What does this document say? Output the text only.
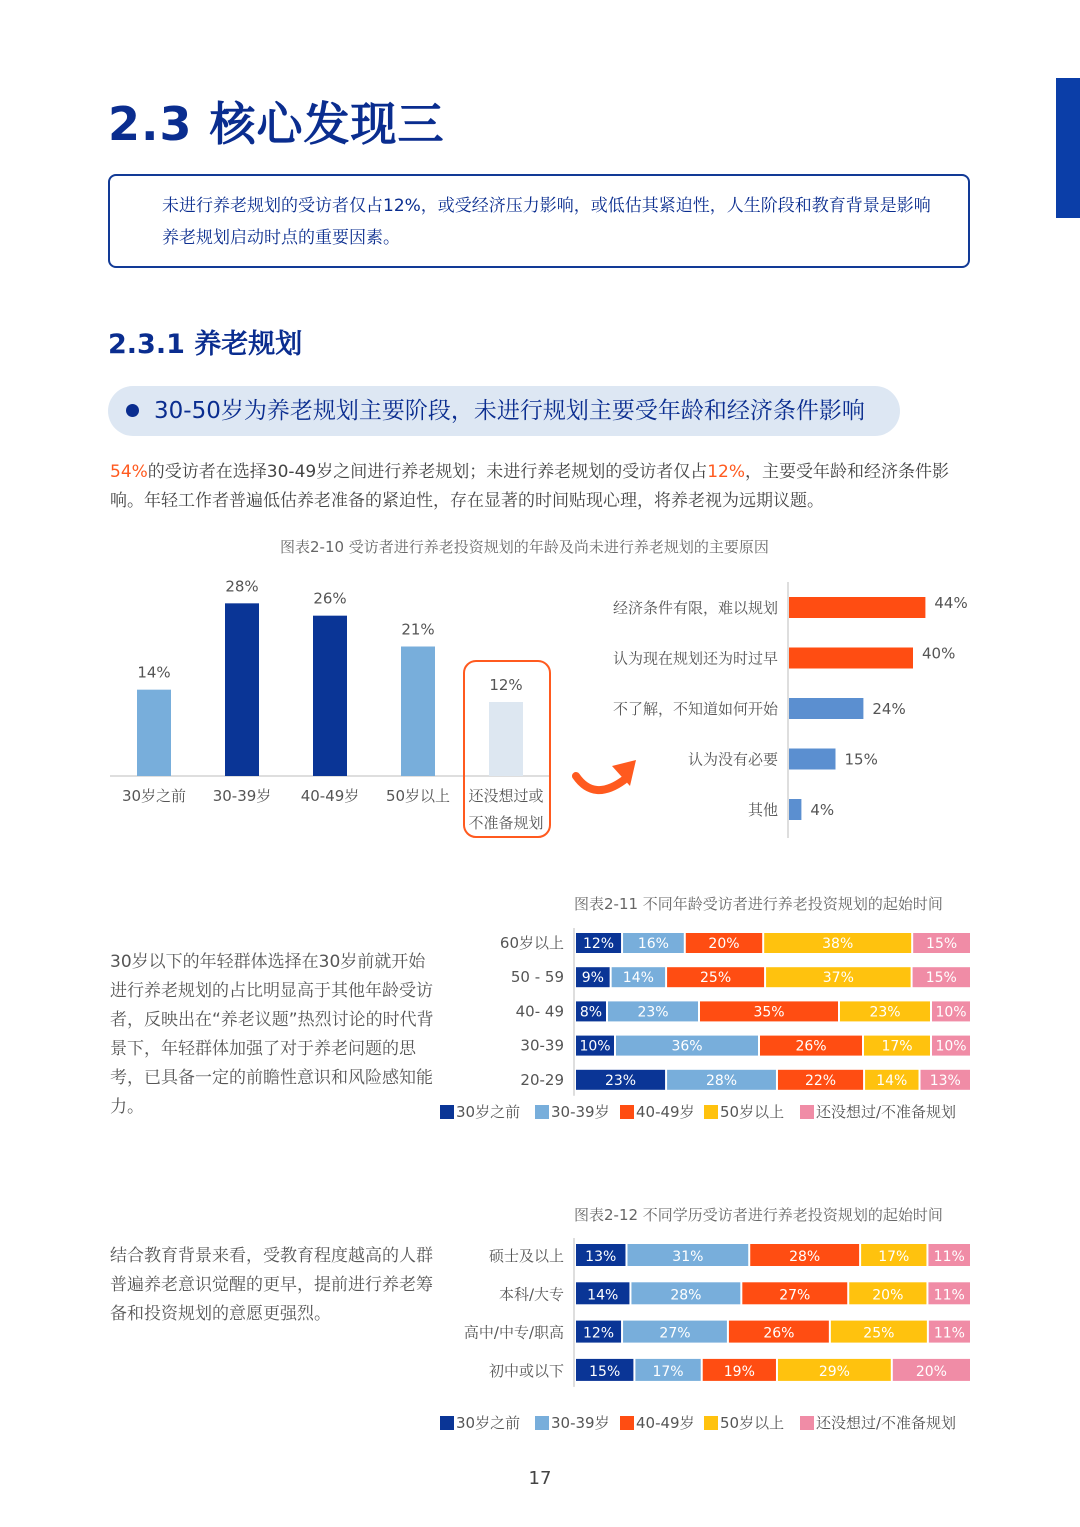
2.3 核心发现三

未进行养老规划的受访者仅占12%，或受经济压力影响，或低估其紧迫性，人生阶段和教育背景是影响养老规划启动时点的重要因素。

2.3.1 养老规划
30-50岁为养老规划主要阶段，未进行规划主要受年龄和经济条件影响

54%的受访者在选择30-49岁之间进行养老规划；未进行养老规划的受访者仅占12%，主要受年龄和经济条件影响。年轻工作者普遍低估养老准备的紧迫性，存在显著的时间贴现心理，将养老视为远期议题。

图表2-10 受访者进行养老投资规划的年龄及尚未进行养老规划的主要原因
14%
30岁之前
28%
30-39岁
26%
40-49岁
21%
50岁以上
12%
还没想过或
不准备规划
经济条件有限，难以规划	44%
认为现在规划还为时过早	40%
不了解，不知道如何开始	24%
认为没有必要	15%
其他 4%
图表2-11 不同年龄受访者进行养老投资规划的起始时间
60岁以上 12% 16%	20%	38%	15%
50 - 59 9% 14%	25%	37%	15%
40- 49 8%	23%	35%	23% 10%
30-39 10%	36%	26%	17% 10%
20-29	23%	28%	22%	14% 13%

30岁以下的年轻群体选择在30岁前就开始进行养老规划的占比明显高于其他年龄受访者，反映出在“养老议题”热烈讨论的时代背景下，年轻群体加强了对于养老问题的思考，已具备一定的前瞻性意识和风险感知能力。	30岁之前	30-39岁	40-49岁	50岁以上	还没想过/不准备规划
图表2-12 不同学历受访者进行养老投资规划的起始时间
硕士及以上 13%	31%	28%	17% 11%
本科/大专 14%	28%	27%	20% 11%
高中/中专/职高 12%	27%	26%	25%	11%
初中或以下 15% 17%	19%	29%	20%

结合教育背景来看，受教育程度越高的人群普遍养老意识觉醒的更早，提前进行养老筹备和投资规划的意愿更强烈。

30岁之前	30-39岁	40-49岁	50岁以上	还没想过/不准备规划
17
